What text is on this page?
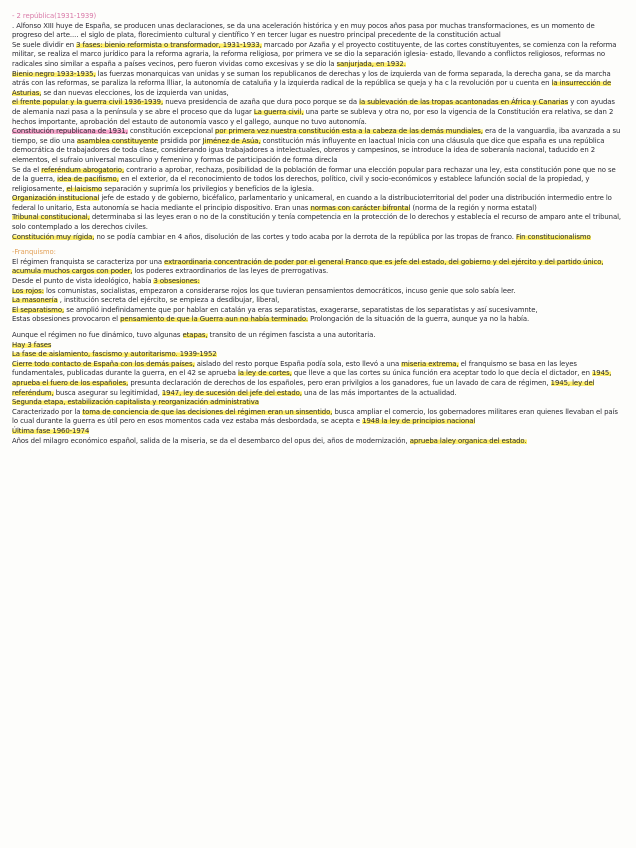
- 2 república(1931-1939)

. Alfonso XIII huye de España, se producen unas declaraciones, se da una aceleración histórica y en muy pocos años pasa por muchas transformaciones, es un momento de progreso del arte.... el siglo de plata, florecimiento cultural y científico Y en tercer lugar es nuestro principal precedente de la constitución actual

Se suele dividir en 3 fases: bienio reformista o transformador, 1931-1933, marcado por Azaña y el proyecto costituyente, de las cortes constituyentes, se comienza con la reforma militar, se realiza el marco jurídico para la reforma agraria, la reforma religiosa, por primera ve se dio la separación iglesia- estado, llevando a conflictos religiosos, reformas no radicales sino similar a españa a países vecinos, pero fueron vividas como excesivas y se dio la sanjurjada, en 1932.

Bienio negro 1933-1935, las fuerzas monarquicas van unidas y se suman los republicanos de derechas y los de izquierda van de forma separada, la derecha gana, se da marcha atrás con las reformas, se paraliza la reforma llliar, la autonomía de cataluña y la izquierda radical de la república se queja y ha c la revolución por u cuenta en la insurrección de Asturias, se dan nuevas elecciones, los de izquierda van unidas,

el frente popular y la guerra civil 1936-1939, nueva presidencia de azaña que dura poco porque se da la sublevación de las tropas acantonadas en África y Canarias y con ayudas de alemania nazi pasa a la península y se abre el proceso que da lugar La guerra civil, una parte se subleva y otra no, por eso la vigencia de la Constitución era relativa, se dan 2 hechos importante, aprobación del estauto de autonomía vasco y el gallego, aunque no tuvo autonomía.

Constitución republicana de 1931, constitución excepcional por primera vez nuestra constitución esta a la cabeza de las demás mundiales, era de la vanguardia, iba avanzada a su tiempo, se dio una asamblea constituyente prsidida por Jiménez de Asúa, constitución más influyente en laactual Inicia con una cláusula que dice que españa es una república democrática de trabajadores de toda clase, considerando igua trabajadores a intelectuales, obreros y campesinos, se introduce la idea de soberanía nacional, taducido en 2 elementos, el sufraio universal masculino y femenino y formas de participación de forma direcla

Se da el referéndum abrogatorio, contrario a aprobar, rechaza, posibilidad de la población de formar una elección popular para rechazar una ley, esta constitución pone que no se de la guerra, idea de pacifismo, en el exterior, da el reconocimiento de todos los derechos, político, civil y socio-económicos y establece lafunción social de la propiedad, y religiosamente, el laicismo separación y suprimía los privilegios y benefícios de la iglesia.

Organización institucional jefe de estado y de gobierno, bicéfalico, parlamentario y unicameral, en cuando a la distribucioterritorial del poder una distribución intermedio entre lo federal lo unitario, Esta autonomía se hacia mediante el principio dispositivo. Eran unas normas con carácter bifrontal (norma de la región y norma estatal)

Tribunal constitucional, determinaba si las leyes eran o no de la constitución y tenía competencia en la protección de lo derechos y establecía el recurso de amparo ante el tribunal, solo contemplado a los derechos civiles.

Constitución muy rígida, no se podía cambiar en 4 años, disolución de las cortes y todo acaba por la derrota de la república por las tropas de franco. Fin constitucionalismo

-Franquismo:

El régimen franquista se caracteriza por una extraordinaria concentración de poder por el general Franco que es jefe del estado, del gobierno y del ejército y del partido único, acumula muchos cargos con poder, los poderes extraordinarios de las leyes de prerrogativas.

Desde el punto de vista ideológico, había 3 obsesiones:

Los rojos: los comunistas, socialistas, empezaron a considerarse rojos los que tuvieran pensamientos democráticos, incuso genie que solo sabía leer.

La masonería , institución secreta del ejército, se empieza a desdibujar, liberal,

El separatismo, se amplió indefinidamente que por hablar en catalán ya eras separatistas, exagerarse, separatistas de los separatistas y así sucesivamnte,

Estas obsesiones provocaron el pensamiento de que la Guerra aun no había terminado. Prolongación de la situación de la guerra, aunque ya no la había.

Aunque el régimen no fue dinámico, tuvo algunas etapas, transito de un régimen fascista a una autoritaria.

Hay 3 fases

La fase de aislamiento, fascismo y autoritarismo. 1939-1952

Cierre todo contacto de España con los demás países, aislado del resto porque España podía sola, esto llevó a una miseria extrema, el franquismo se basa en las leyes fundamentales, publicadas durante la guerra, en el 42 se aprueba la ley de cortes, que lleve a que las cortes su única función era aceptar todo lo que decía el dictador, en 1945, aprueba el fuero de los españoles, presunta declaración de derechos de los españoles, pero eran privilgios a los ganadores, fue un lavado de cara de régimen, 1945, ley del referéndum, busca asegurar su legitimidad, 1947, ley de sucesión del jefe del estado, una de las más importantes de la actualidad.

Segunda etapa, estabilización capitalista y reorganización administrativa

Caracterizado por la toma de conciencia de que las decisiones del régimen eran un sinsentido, busca ampliar el comercio, los gobernadores militares eran quienes llevaban el país lo cual durante la guerra es útil pero en esos momentos cada vez estaba más desbordada, se acepta e 1948 la ley de principios nacional

Última fase 1960-1974

Años del milagro económico español, salida de la miseria, se da el desembarco del opus dei, años de modernización, aprueba laley organica del estado.
